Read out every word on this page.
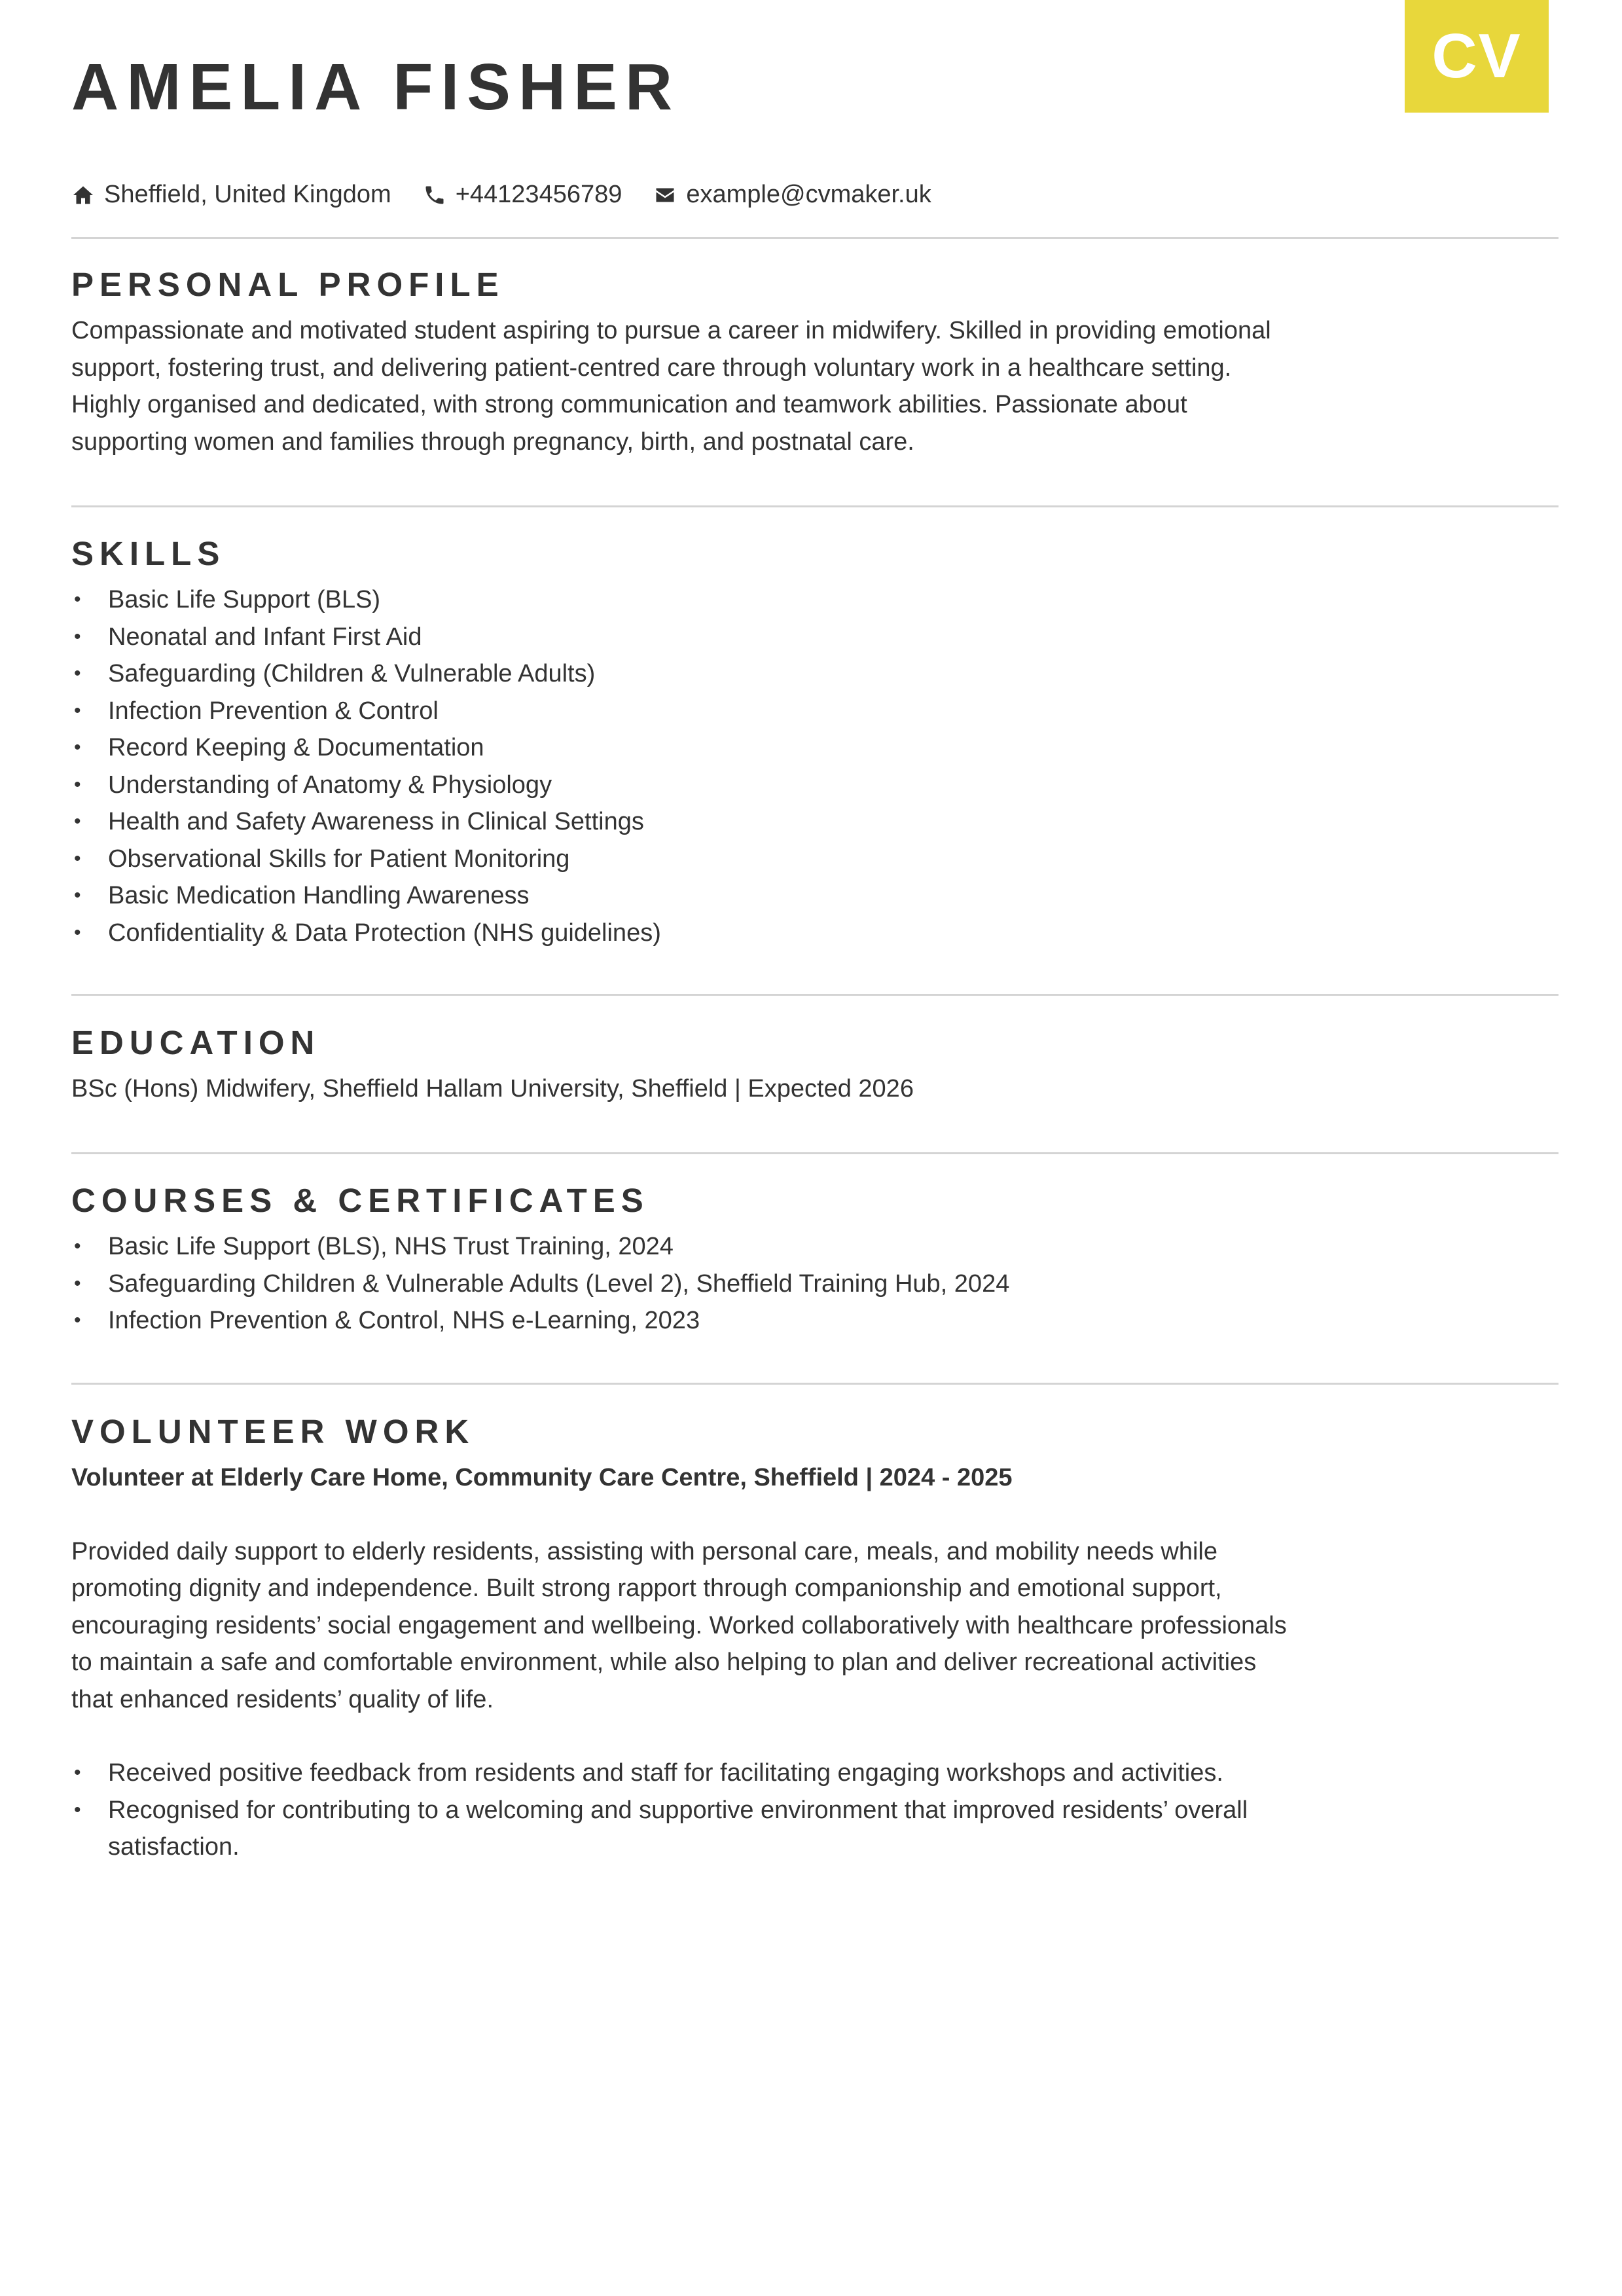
AMELIA FISHER	CV
Sheffield, United Kingdom	+44123456789	example@cvmaker.uk
PERSONAL PROFILE

Compassionate and motivated student aspiring to pursue a career in midwifery. Skilled in providing emotional

support, fostering trust, and delivering patient-centred care through voluntary work in a healthcare setting.

Highly organised and dedicated, with strong communication and teamwork abilities. Passionate about

supporting women and families through pregnancy, birth, and postnatal care.

SKILLS
• Basic Life Support (BLS)
• Neonatal and Infant First Aid
• Safeguarding (Children & Vulnerable Adults)
• Infection Prevention & Control
• Record Keeping & Documentation
• Understanding of Anatomy & Physiology
• Health and Safety Awareness in Clinical Settings
• Observational Skills for Patient Monitoring
• Basic Medication Handling Awareness
• Confidentiality & Data Protection (NHS guidelines)
EDUCATION

BSc (Hons) Midwifery, Sheffield Hallam University, Sheffield | Expected 2026

COURSES & CERTIFICATES
• Basic Life Support (BLS), NHS Trust Training, 2024
• Safeguarding Children & Vulnerable Adults (Level 2), Sheffield Training Hub, 2024
• Infection Prevention & Control, NHS e-Learning, 2023
VOLUNTEER WORK

Volunteer at Elderly Care Home, Community Care Centre, Sheffield | 2024 - 2025

Provided daily support to elderly residents, assisting with personal care, meals, and mobility needs while

promoting dignity and independence. Built strong rapport through companionship and emotional support,

encouraging residents’ social engagement and wellbeing. Worked collaboratively with healthcare professionals

to maintain a safe and comfortable environment, while also helping to plan and deliver recreational activities

that enhanced residents’ quality of life.

• Received positive feedback from residents and staff for facilitating engaging workshops and activities.
• Recognised for contributing to a welcoming and supportive environment that improved residents’ overall
satisfaction.
